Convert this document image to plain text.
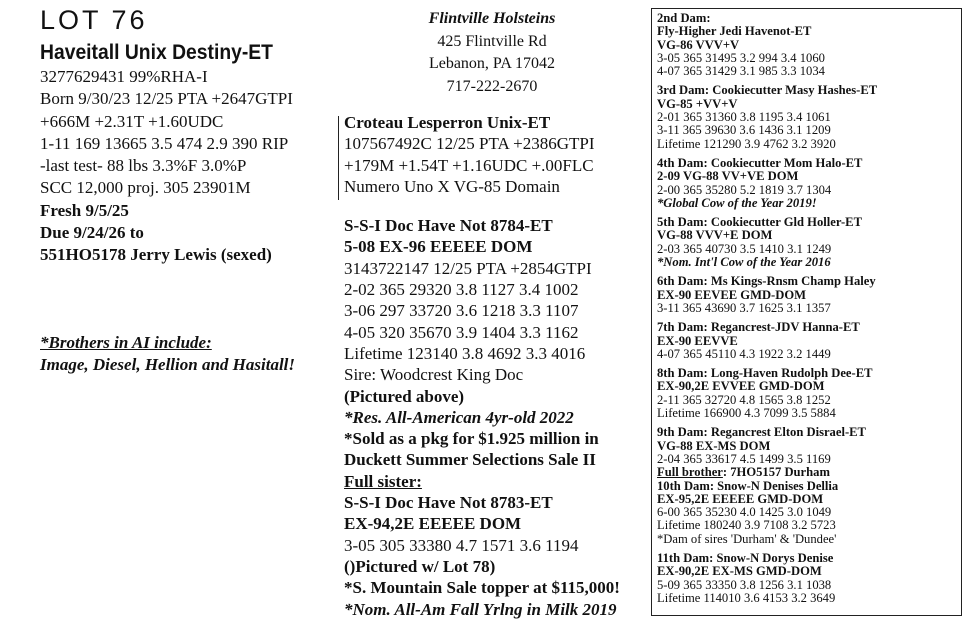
LOT 76
Haveitall Unix Destiny-ET
3277629431 99%RHA-I
Born 9/30/23 12/25 PTA +2647GTPI
+666M +2.31T +1.60UDC
1-11 169 13665 3.5 474 2.9 390 RIP
-last test- 88 lbs 3.3%F 3.0%P
SCC 12,000 proj. 305 23901M
Fresh 9/5/25
Due 9/24/26 to
551HO5178 Jerry Lewis (sexed)
*Brothers in AI include:
Image, Diesel, Hellion and Hasitall!
Flintville Holsteins
425 Flintville Rd
Lebanon, PA 17042
717-222-2670
Croteau Lesperron Unix-ET
107567492C 12/25 PTA +2386GTPI
+179M +1.54T +1.16UDC +.00FLC
Numero Uno X VG-85 Domain
S-S-I Doc Have Not 8784-ET
5-08 EX-96 EEEEE DOM
3143722147 12/25 PTA +2854GTPI
2-02 365 29320 3.8 1127 3.4 1002
3-06 297 33720 3.6 1218 3.3 1107
4-05 320 35670 3.9 1404 3.3 1162
Lifetime 123140 3.8 4692 3.3 4016
Sire: Woodcrest King Doc
(Pictured above)
*Res. All-American 4yr-old 2022
*Sold as a pkg for $1.925 million in
Duckett Summer Selections Sale II
Full sister:
S-S-I Doc Have Not 8783-ET
EX-94,2E EEEEE DOM
3-05 305 33380 4.7 1571 3.6 1194
()Pictured w/ Lot 78)
*S. Mountain Sale topper at $115,000!
*Nom. All-Am Fall Yrlng in Milk 2019
2nd Dam:
Fly-Higher Jedi Havenot-ET
VG-86 VVV+V
3-05 365 31495 3.2 994 3.4 1060
4-07 365 31429 3.1 985 3.3 1034
3rd Dam: Cookiecutter Masy Hashes-ET
VG-85 +VV+V
2-01 365 31360 3.8 1195 3.4 1061
3-11 365 39630 3.6 1436 3.1 1209
Lifetime 121290 3.9 4762 3.2 3920
4th Dam: Cookiecutter Mom Halo-ET
2-09 VG-88 VV+VE DOM
2-00 365 35280 5.2 1819 3.7 1304
*Global Cow of the Year 2019!
5th Dam: Cookiecutter Gld Holler-ET
VG-88 VVV+E DOM
2-03 365 40730 3.5 1410 3.1 1249
*Nom. Int'l Cow of the Year 2016
6th Dam: Ms Kings-Rnsm Champ Haley
EX-90 EEVEE GMD-DOM
3-11 365 43690 3.7 1625 3.1 1357
7th Dam: Regancrest-JDV Hanna-ET
EX-90 EEVVE
4-07 365 45110 4.3 1922 3.2 1449
8th Dam: Long-Haven Rudolph Dee-ET
EX-90,2E EVVEE GMD-DOM
2-11 365 32720 4.8 1565 3.8 1252
Lifetime 166900 4.3 7099 3.5 5884
9th Dam: Regancrest Elton Disrael-ET
VG-88 EX-MS DOM
2-04 365 33617 4.5 1499 3.5 1169
Full brother: 7HO5157 Durham
10th Dam: Snow-N Denises Dellia
EX-95,2E EEEEE GMD-DOM
6-00 365 35230 4.0 1425 3.0 1049
Lifetime 180240 3.9 7108 3.2 5723
*Dam of sires 'Durham' & 'Dundee'
11th Dam: Snow-N Dorys Denise
EX-90,2E EX-MS GMD-DOM
5-09 365 33350 3.8 1256 3.1 1038
Lifetime 114010 3.6 4153 3.2 3649
